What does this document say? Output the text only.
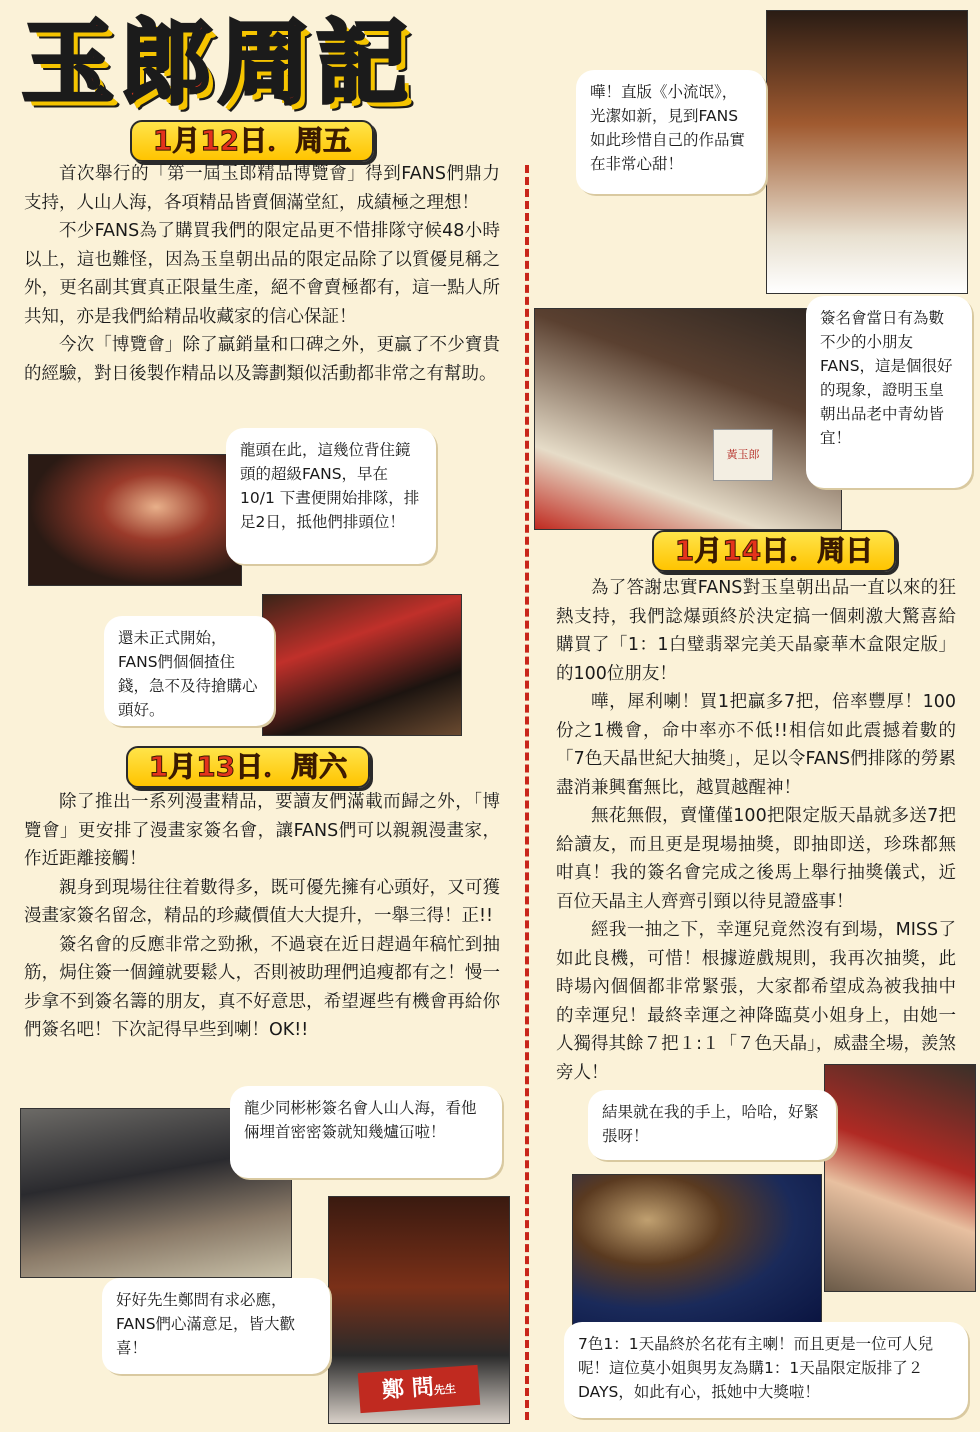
玉郎周記
1月12日．周五

首次舉行的「第一屆玉郎精品博覽會」得到FANS們鼎力支持，人山人海，各項精品皆賣個滿堂紅，成績極之理想！

不少FANS為了購買我們的限定品更不惜排隊守候48小時以上，這也難怪，因為玉皇朝出品的限定品除了以質優見稱之外，更名副其實真正限量生產，絕不會賣極都有，這一點人所共知，亦是我們給精品收藏家的信心保証！

今次「博覽會」除了贏銷量和口碑之外，更贏了不少寶貴的經驗，對日後製作精品以及籌劃類似活動都非常之有幫助。

龍頭在此，這幾位背住鏡頭的超級FANS，早在10/1 下晝便開始排隊，排足2日，抵他們排頭位！
還未正式開始，FANS們個個揸住錢，急不及待搶購心頭好。
1月13日．周六

除了推出一系列漫畫精品，要讀友們滿載而歸之外，「博覽會」更安排了漫畫家簽名會，讓FANS們可以親親漫畫家，作近距離接觸！

親身到現場往往着數得多，既可優先擁有心頭好，又可獲漫畫家簽名留念，精品的珍藏價值大大提升，一舉三得！正!!

簽名會的反應非常之勁揪，不過衰在近日趕過年稿忙到抽筋，焗住簽一個鐘就要鬆人，否則被助理們追瘦都有之！慢一步拿不到簽名籌的朋友，真不好意思，希望遲些有機會再給你們簽名吧！下次記得早些到喇！OK!!

龍少同彬彬簽名會人山人海，看他倆埋首密密簽就知幾爐冚啦！
鄭 問先生
好好先生鄭問有求必應，FANS們心滿意足，皆大歡喜！
嘩！直版《小流氓》，光潔如新，見到FANS如此珍惜自己的作品實在非常心甜！
黃玉郎
簽名會當日有為數不少的小朋友FANS，這是個很好的現象，證明玉皇朝出品老中青幼皆宜！
1月14日．周日

為了答謝忠實FANS對玉皇朝出品一直以來的狂熱支持，我們諗爆頭終於決定搞一個刺激大驚喜給購買了「1：1白璧翡翠完美天晶豪華木盒限定版」的100位朋友！

嘩，犀利喇！買1把贏多7把，倍率豐厚！100份之1機會，命中率亦不低!!相信如此震撼着數的「7色天晶世紀大抽獎」，足以令FANS們排隊的勞累盡消兼興奮無比，越買越醒神！

無花無假，賣懂僅100把限定版天晶就多送7把給讀友，而且更是現場抽獎，即抽即送，珍珠都無咁真！我的簽名會完成之後馬上舉行抽獎儀式，近百位天晶主人齊齊引頸以待見證盛事！

經我一抽之下，幸運兒竟然沒有到場，MISS了如此良機，可惜！根據遊戲規則，我再次抽獎，此時場內個個都非常緊張，大家都希望成為被我抽中的幸運兒！最終幸運之神降臨莫小姐身上，由她一人獨得其餘７把１:１「７色天晶」，威盡全場，羨煞旁人！

結果就在我的手上，哈哈，好緊張呀！
7色1：1天晶終於名花有主喇！而且更是一位可人兒呢！這位莫小姐與男友為購1：1天晶限定版排了２DAYS，如此有心，抵她中大獎啦！
